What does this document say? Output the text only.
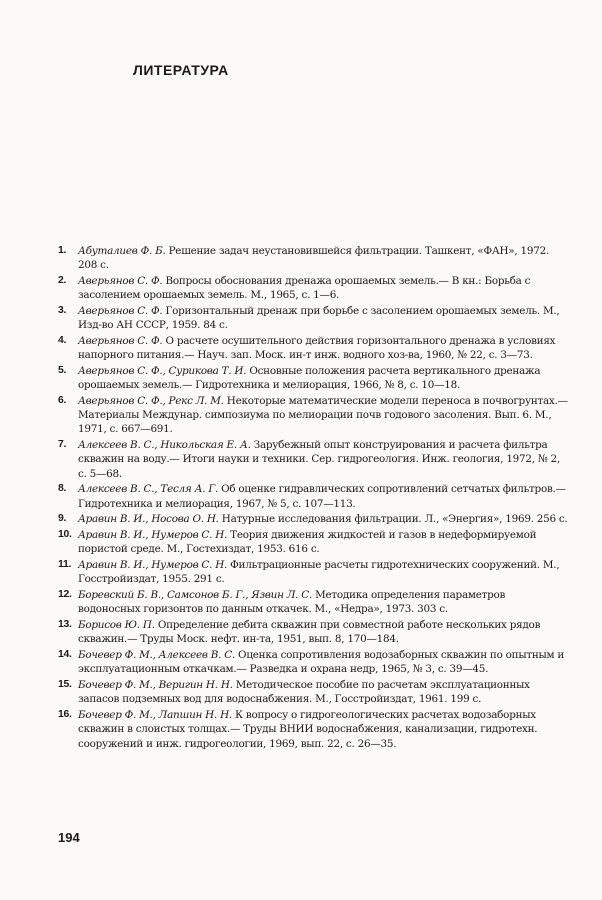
ЛИТЕРАТУРА
1. Абуталиев Ф. Б. Решение задач неустановившейся фильтрации. Ташкент, «ФАН», 1972. 208 с.
2. Аверьянов С. Ф. Вопросы обоснования дренажа орошаемых земель.— В кн.: Борьба с засолением орошаемых земель. М., 1965, с. 1—6.
3. Аверьянов С. Ф. Горизонтальный дренаж при борьбе с засолением орошаемых земель. М., Изд-во АН СССР, 1959. 84 с.
4. Аверьянов С. Ф. О расчете осушительного действия горизонтального дренажа в условиях напорного питания.— Науч. зап. Моск. ин-т инж. водного хоз-ва, 1960, № 22, с. 3—73.
5. Аверьянов С. Ф., Сурикова Т. И. Основные положения расчета вертикального дренажа орошаемых земель.— Гидротехника и мелиорация, 1966, № 8, с. 10—18.
6. Аверьянов С. Ф., Рекс Л. М. Некоторые математические модели переноса в почвогрунтах.— Материалы Междунар. симпозиума по мелиорации почв годового засоления. Вып. 6. М., 1971, с. 667—691.
7. Алексеев В. С., Никольская Е. А. Зарубежный опыт конструирования и расчета фильтра скважин на воду.— Итоги науки и техники. Сер. гидрогеология. Инж. геология, 1972, № 2, с. 5—68.
8. Алексеев В. С., Тесля А. Г. Об оценке гидравлических сопротивлений сетчатых фильтров.— Гидротехника и мелиорация, 1967, № 5, с. 107—113.
9. Аравин В. И., Носова О. Н. Натурные исследования фильтрации. Л., «Энергия», 1969. 256 с.
10. Аравин В. И., Нумеров С. Н. Теория движения жидкостей и газов в недеформируемой пористой среде. М., Гостехиздат, 1953. 616 с.
11. Аравин В. И., Нумеров С. Н. Фильтрационные расчеты гидротехнических сооружений. М., Госстройиздат, 1955. 291 с.
12. Боревский Б. В., Самсонов Б. Г., Язвин Л. С. Методика определения параметров водоносных горизонтов по данным откачек. М., «Недра», 1973. 303 с.
13. Борисов Ю. П. Определение дебита скважин при совместной работе нескольких рядов скважин.— Труды Моск. нефт. ин-та, 1951, вып. 8, 170—184.
14. Бочевер Ф. М., Алексеев В. С. Оценка сопротивления водозаборных скважин по опытным и эксплуатационным откачкам.— Разведка и охрана недр, 1965, № 3, с. 39—45.
15. Бочевер Ф. М., Веригин Н. Н. Методическое пособие по расчетам эксплуатационных запасов подземных вод для водоснабжения. М., Госстройиздат, 1961. 199 с.
16. Бочевер Ф. М., Лапшин Н. Н. К вопросу о гидрогеологических расчетах водозаборных скважин в слоистых толщах.— Труды ВНИИ водоснабжения, канализации, гидротехн. сооружений и инж. гидрогеологии, 1969, вып. 22, с. 26—35.
194
